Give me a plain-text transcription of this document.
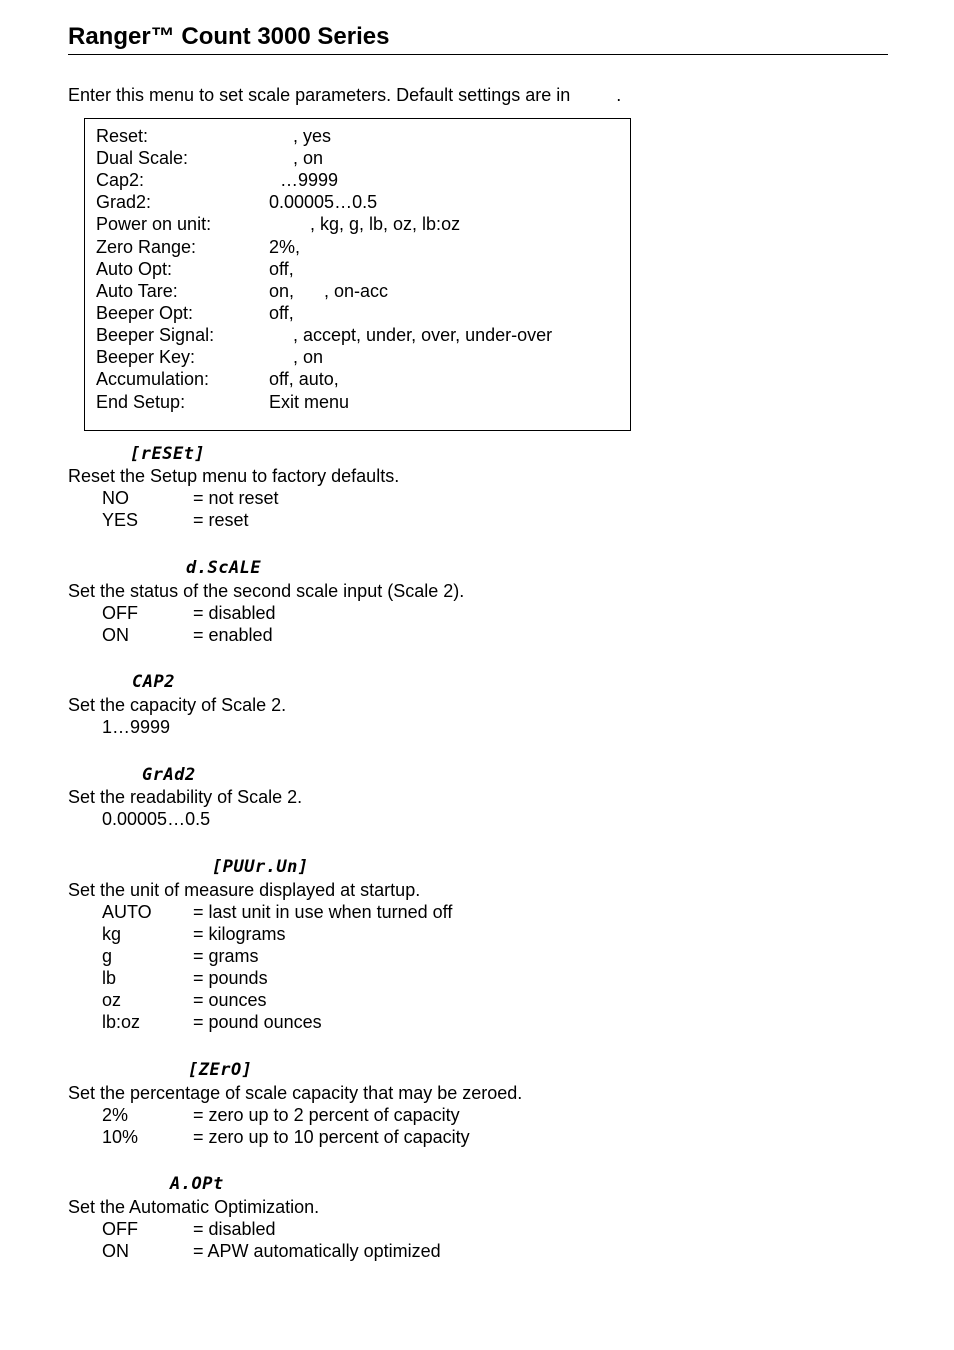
Ranger™ Count 3000 Series
Enter this menu to set scale parameters. Default settings are in	.
Reset:	, yes
Dual Scale:	, on
Cap2:	…9999
Grad2:	0.00005…0.5
Power on unit:	, kg, g, lb, oz, lb:oz
Zero Range:	2%,
Auto Opt:	off,
Auto Tare:	on,      , on-acc
Beeper Opt:	off,
Beeper Signal:	, accept, under, over, under-over
Beeper Key:	, on
Accumulation:	off, auto,
End Setup:	Exit menu
[rESEt]
Reset the Setup menu to factory defaults.
NO	= not reset
YES	= reset
d.ScALE
Set the status of the second scale input (Scale 2).
OFF	= disabled
ON	= enabled
CAP2
Set the capacity of Scale 2.
1…9999
GrAd2
Set the readability of Scale 2.
0.00005…0.5
[PUUr.Un]
Set the unit of measure displayed at startup.
AUTO = last unit in use when turned off
kg	= kilograms
g	= grams
lb	= pounds
oz	= ounces
lb:oz	= pound ounces
[ZErO]
Set the percentage of scale capacity that may be zeroed.
2%	= zero up to 2 percent of capacity
10%	= zero up to 10 percent of capacity
A.OPt
Set the Automatic Optimization.
OFF	= disabled
ON	= APW automatically optimized
